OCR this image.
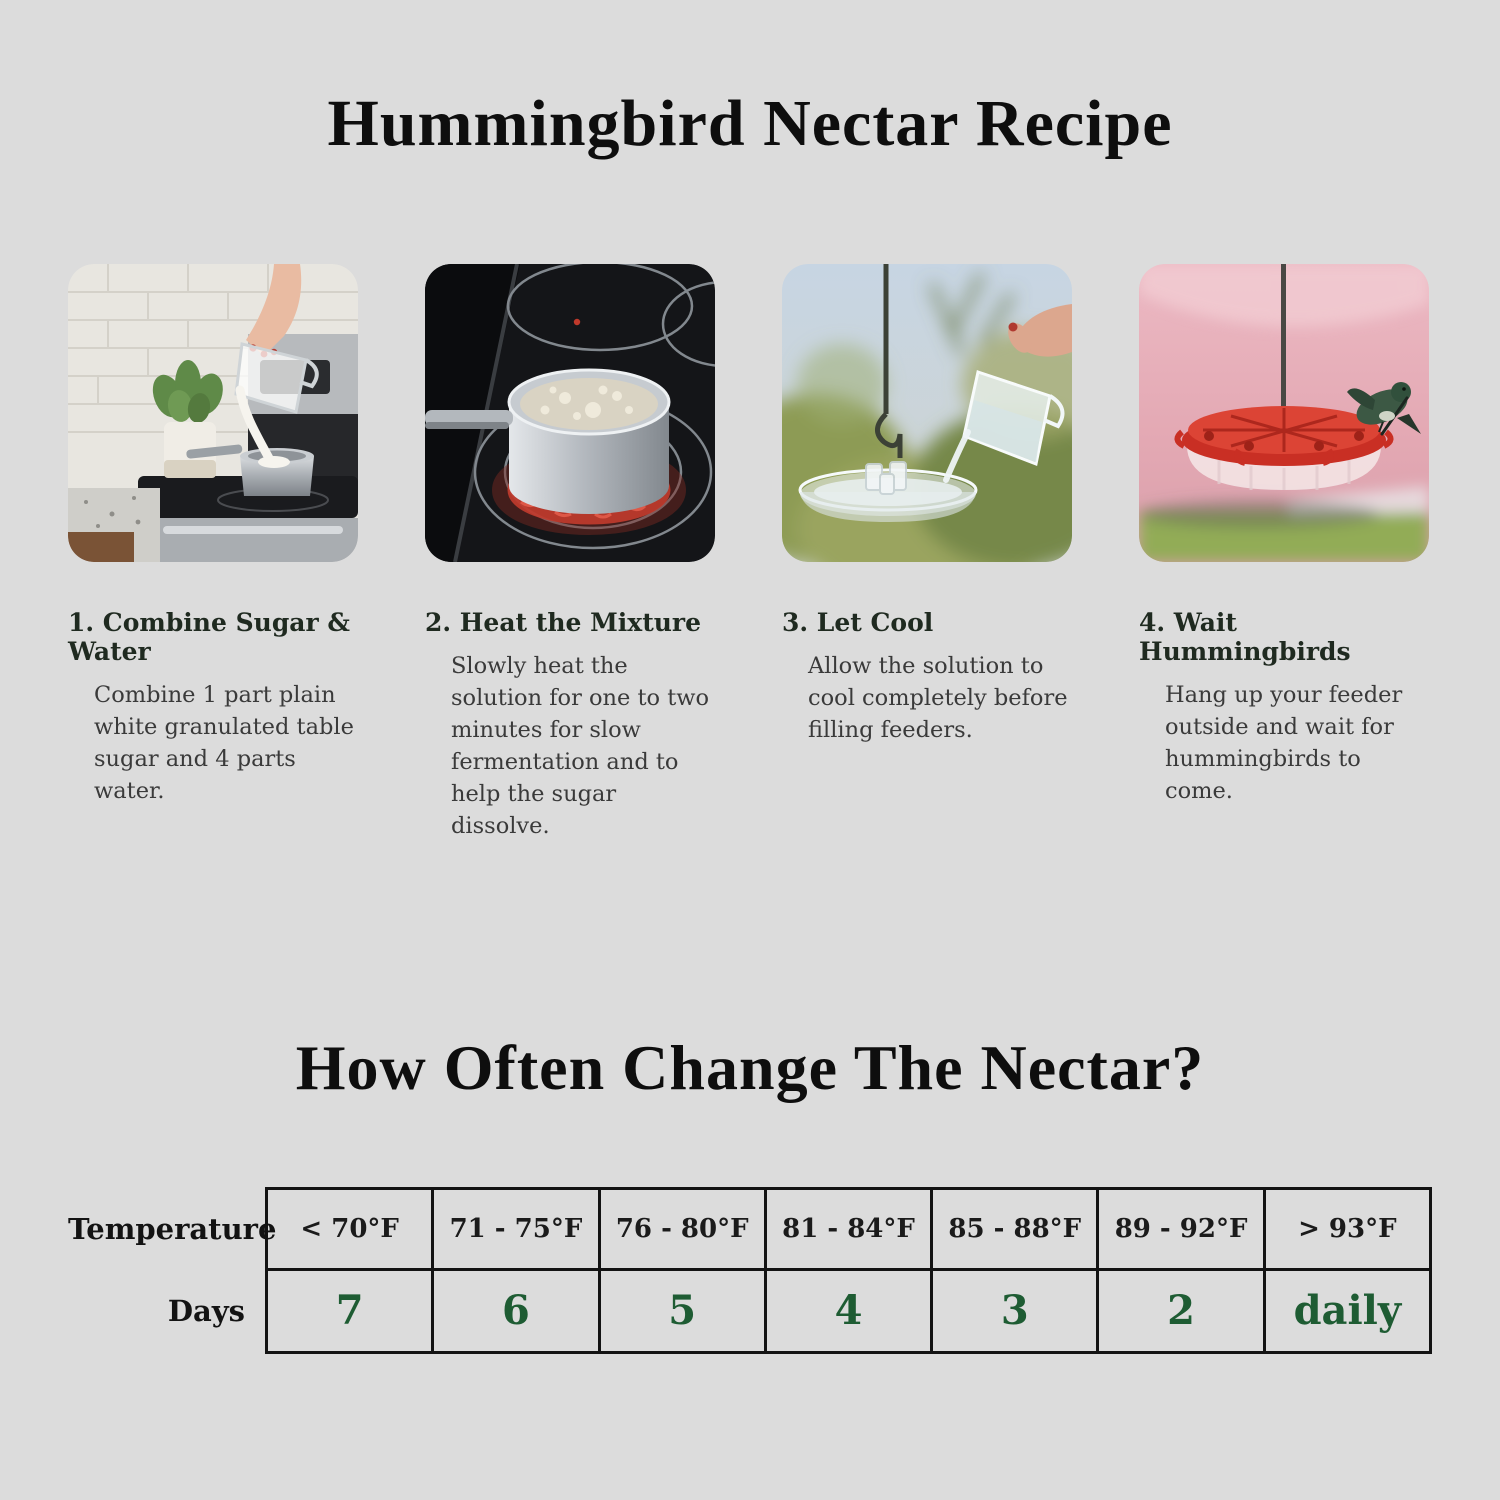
Hummingbird Nectar Recipe
1. Combine Sugar & Water

Combine 1 part plain white granulated table sugar and 4 parts water.

2. Heat the Mixture

Slowly heat the solution for one to two minutes for slow fermentation and to help the sugar dissolve.

3. Let Cool

Allow the solution to cool completely before filling feeders.

4. Wait Hummingbirds

Hang up your feeder outside and wait for hummingbirds to come.

How Often Change The Nectar?
Temperature	< 70°F	71 - 75°F	76 - 80°F	81 - 84°F	85 - 88°F	89 - 92°F	> 93°F
Days	7	6	5	4	3	2	daily
